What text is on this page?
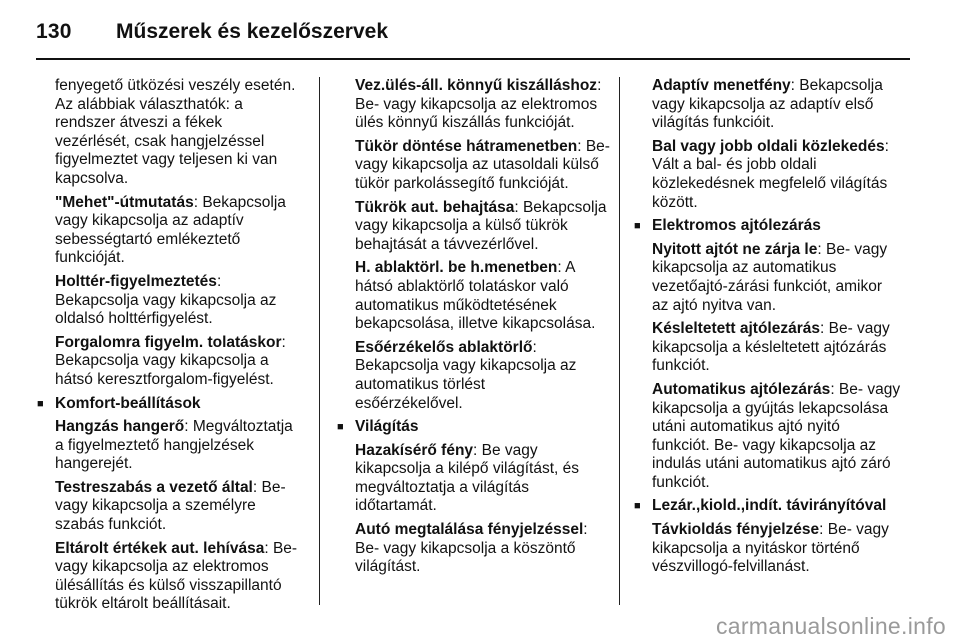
130 Műszerek és kezelőszervek
fenyegető ütközési veszély esetén.
Az alábbiak választhatók: a
rendszer átveszi a fékek
vezérlését, csak hangjelzéssel
figyelmeztet vagy teljesen ki van
kapcsolva.
"Mehet"-útmutatás: Bekapcsolja
vagy kikapcsolja az adaptív
sebességtartó emlékeztető
funkcióját.
Holttér-figyelmeztetés:
Bekapcsolja vagy kikapcsolja az
oldalsó holttérfigyelést.
Forgalomra figyelm. tolatáskor:
Bekapcsolja vagy kikapcsolja a
hátsó keresztforgalom-figyelést.
■ Komfort-beállítások
Hangzás hangerő: Megváltoztatja
a figyelmeztető hangjelzések
hangerejét.
Testreszabás a vezető által: Be-
vagy kikapcsolja a személyre
szabás funkciót.
Eltárolt értékek aut. lehívása: Be-
vagy kikapcsolja az elektromos
ülésállítás és külső visszapillantó
tükrök eltárolt beállításait.
Vez.ülés-áll. könnyű kiszálláshoz:
Be- vagy kikapcsolja az elektromos
ülés könnyű kiszállás funkcióját.
Tükör döntése hátramenetben: Be-
vagy kikapcsolja az utasoldali külső
tükör parkolássegítő funkcióját.
Tükrök aut. behajtása: Bekapcsolja
vagy kikapcsolja a külső tükrök
behajtását a távvezérlővel.
H. ablaktörl. be h.menetben: A
hátsó ablaktörlő tolatáskor való
automatikus működtetésének
bekapcsolása, illetve kikapcsolása.
Esőérzékelős ablaktörlő:
Bekapcsolja vagy kikapcsolja az
automatikus törlést
esőérzékelővel.
■ Világítás
Hazakísérő fény: Be vagy
kikapcsolja a kilépő világítást, és
megváltoztatja a világítás
időtartamát.
Autó megtalálása fényjelzéssel:
Be- vagy kikapcsolja a köszöntő
világítást.
Adaptív menetfény: Bekapcsolja
vagy kikapcsolja az adaptív első
világítás funkcióit.
Bal vagy jobb oldali közlekedés:
Vált a bal- és jobb oldali
közlekedésnek megfelelő világítás
között.
■ Elektromos ajtólezárás
Nyitott ajtót ne zárja le: Be- vagy
kikapcsolja az automatikus
vezetőajtó-zárási funkciót, amikor
az ajtó nyitva van.
Késleltetett ajtólezárás: Be- vagy
kikapcsolja a késleltetett ajtózárás
funkciót.
Automatikus ajtólezárás: Be- vagy
kikapcsolja a gyújtás lekapcsolása
utáni automatikus ajtó nyitó
funkciót. Be- vagy kikapcsolja az
indulás utáni automatikus ajtó záró
funkciót.
■ Lezár.,kiold.,indít. távirányítóval
Távkioldás fényjelzése: Be- vagy
kikapcsolja a nyitáskor történő
vészvillogó-felvillanást.
carmanualsonline.info
